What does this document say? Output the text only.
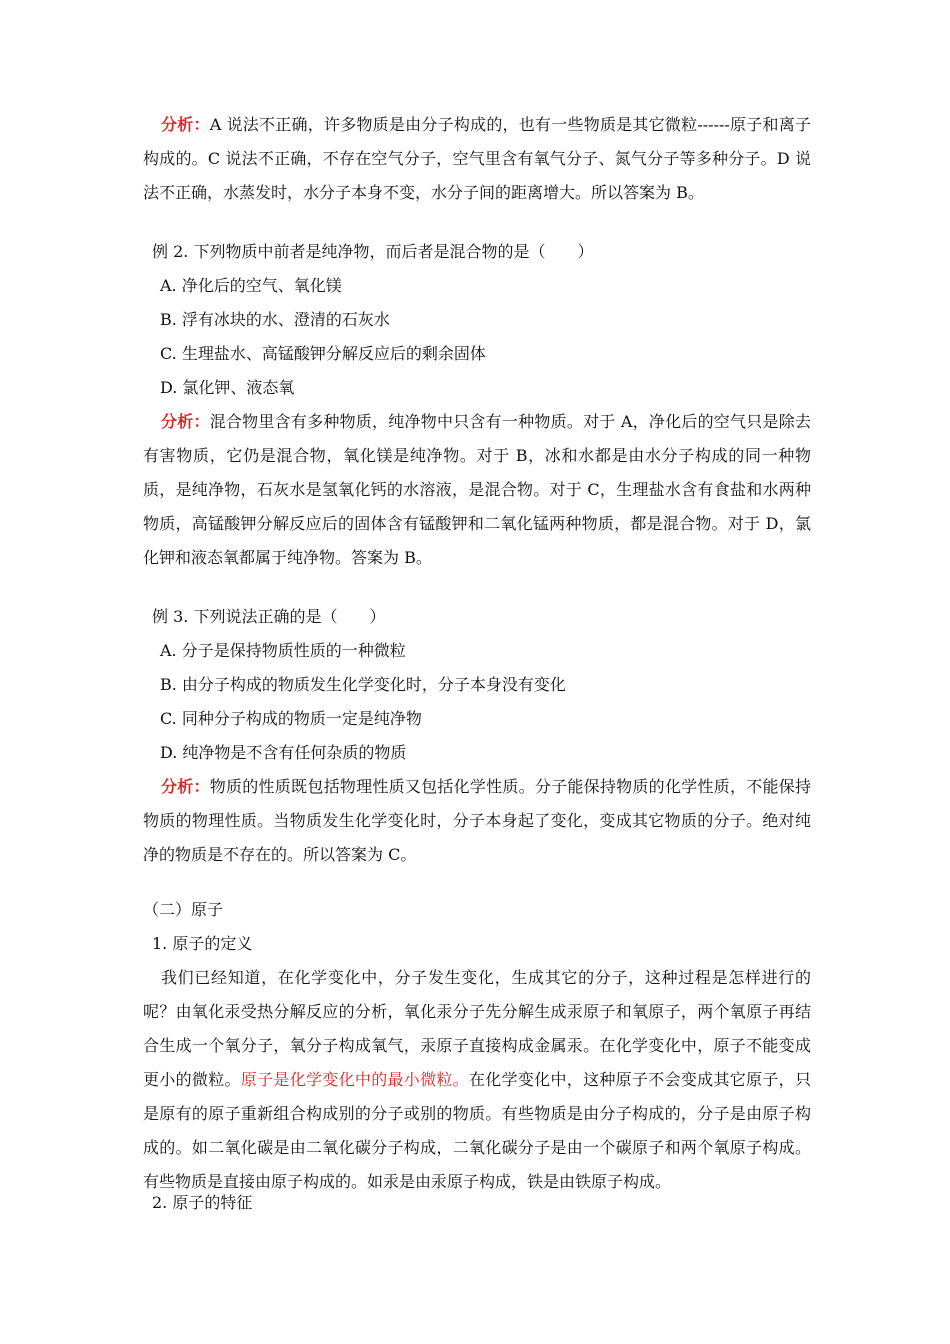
分析：A 说法不正确，许多物质是由分子构成的，也有一些物质是其它微粒------原子和离子构成的。C 说法不正确，不存在空气分子，空气里含有氧气分子、氮气分子等多种分子。D 说法不正确，水蒸发时，水分子本身不变，水分子间的距离增大。所以答案为 B。

例 2. 下列物质中前者是纯净物，而后者是混合物的是（　　）

A. 净化后的空气、氧化镁

B. 浮有冰块的水、澄清的石灰水

C. 生理盐水、高锰酸钾分解反应后的剩余固体

D. 氯化钾、液态氧

分析：混合物里含有多种物质，纯净物中只含有一种物质。对于 A，净化后的空气只是除去有害物质，它仍是混合物，氧化镁是纯净物。对于 B，冰和水都是由水分子构成的同一种物质，是纯净物，石灰水是氢氧化钙的水溶液，是混合物。对于 C，生理盐水含有食盐和水两种物质，高锰酸钾分解反应后的固体含有锰酸钾和二氧化锰两种物质，都是混合物。对于 D，氯化钾和液态氧都属于纯净物。答案为 B。

例 3. 下列说法正确的是（　　）

A. 分子是保持物质性质的一种微粒

B. 由分子构成的物质发生化学变化时，分子本身没有变化

C. 同种分子构成的物质一定是纯净物

D. 纯净物是不含有任何杂质的物质

分析：物质的性质既包括物理性质又包括化学性质。分子能保持物质的化学性质，不能保持物质的物理性质。当物质发生化学变化时，分子本身起了变化，变成其它物质的分子。绝对纯净的物质是不存在的。所以答案为 C。

（二）原子

1. 原子的定义

我们已经知道，在化学变化中，分子发生变化，生成其它的分子，这种过程是怎样进行的呢？由氧化汞受热分解反应的分析，氧化汞分子先分解生成汞原子和氧原子，两个氧原子再结合生成一个氧分子，氧分子构成氧气，汞原子直接构成金属汞。在化学变化中，原子不能变成更小的微粒。原子是化学变化中的最小微粒。在化学变化中，这种原子不会变成其它原子，只是原有的原子重新组合构成别的分子或别的物质。有些物质是由分子构成的，分子是由原子构成的。如二氧化碳是由二氧化碳分子构成，二氧化碳分子是由一个碳原子和两个氧原子构成。有些物质是直接由原子构成的。如汞是由汞原子构成，铁是由铁原子构成。

2. 原子的特征
